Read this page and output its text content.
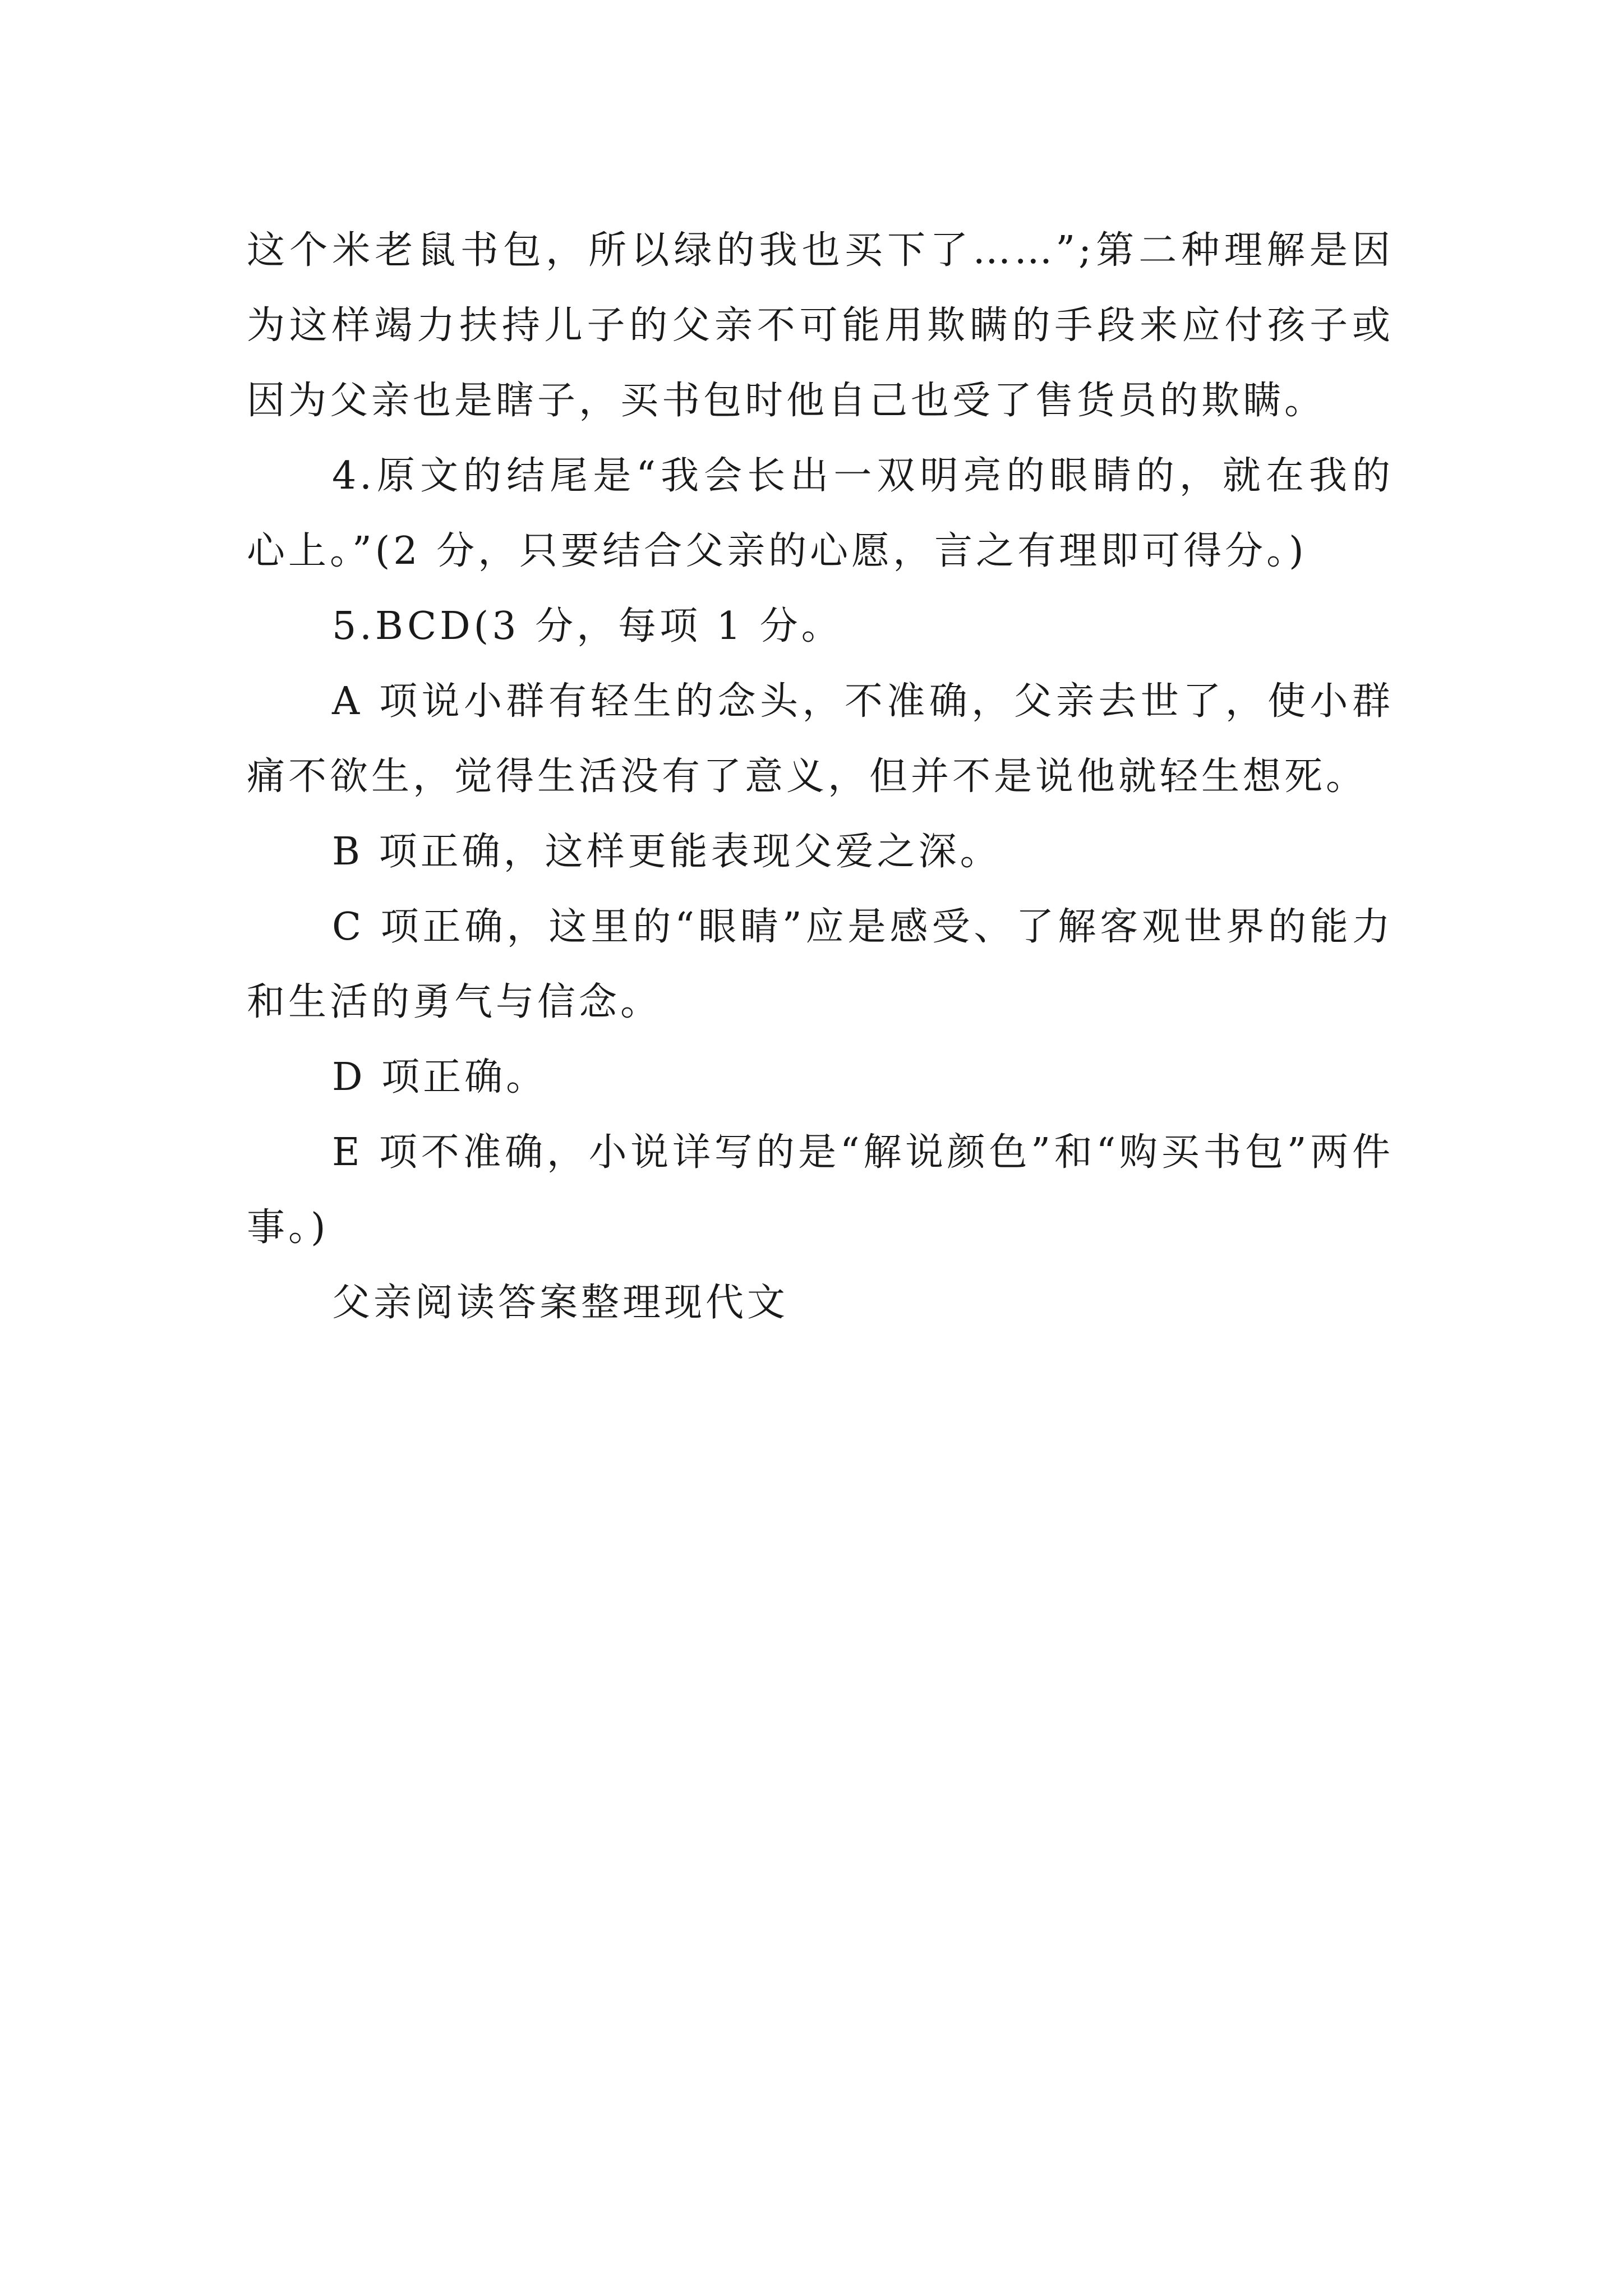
这个米老鼠书包，所以绿的我也买下了……”;第二种理解是因为这样竭力扶持儿子的父亲不可能用欺瞒的手段来应付孩子或因为父亲也是瞎子，买书包时他自己也受了售货员的欺瞒。

4.原文的结尾是“我会长出一双明亮的眼睛的，就在我的心上。”(2 分，只要结合父亲的心愿，言之有理即可得分。)

5.BCD(3 分，每项 1 分。

A 项说小群有轻生的念头，不准确，父亲去世了，使小群痛不欲生，觉得生活没有了意义，但并不是说他就轻生想死。

B 项正确，这样更能表现父爱之深。

C 项正确，这里的“眼睛”应是感受、了解客观世界的能力和生活的勇气与信念。

D 项正确。

E 项不准确，小说详写的是“解说颜色”和“购买书包”两件事。)

父亲阅读答案整理现代文
